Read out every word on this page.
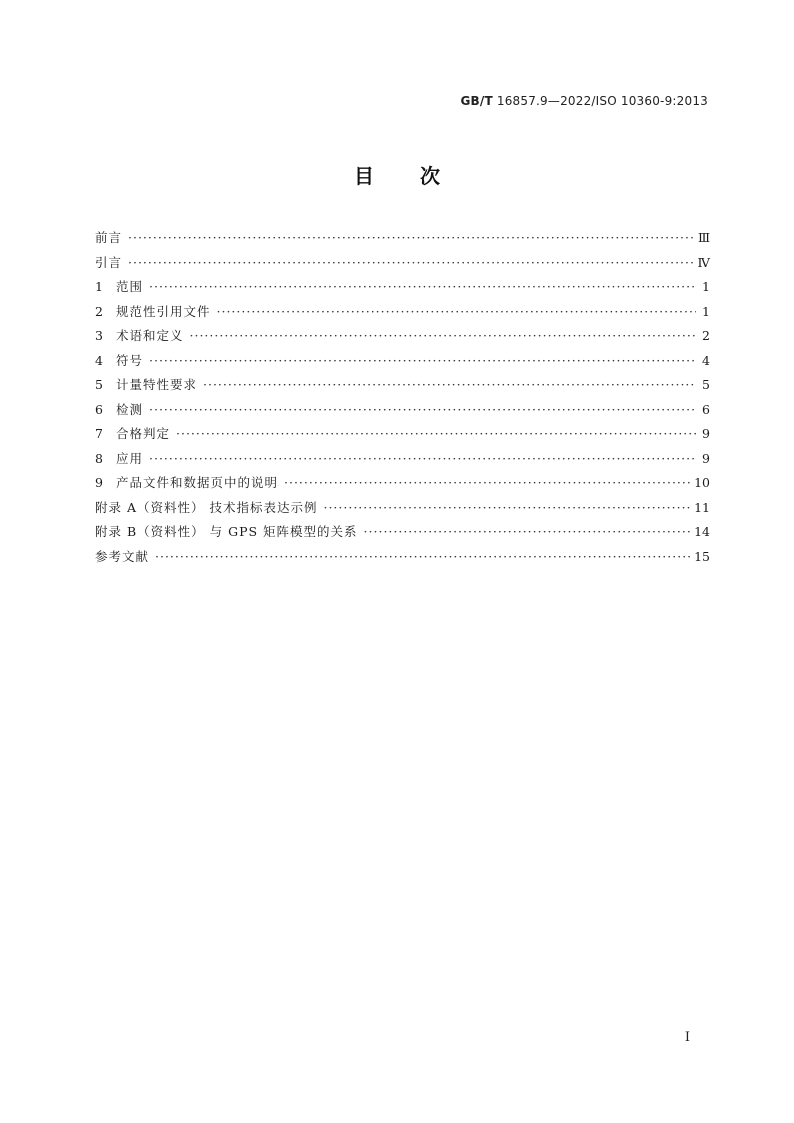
GB/T 16857.9—2022/ISO 10360-9:2013
目次
前言 ·····	Ⅲ
引言 ·····	Ⅳ
1	范围 ·····	1
2	规范性引用文件 ·····	1
3	术语和定义 ·····	2
4	符号 ·····	4
5	计量特性要求 ·····	5
6	检测 ·····	6
7	合格判定 ·····	9
8	应用 ·····	9
9	产品文件和数据页中的说明 ·····	10
附录 A（资料性） 技术指标表达示例 ·····	11
附录 B（资料性） 与 GPS 矩阵模型的关系 ·····	14
参考文献 ·····	15
I
